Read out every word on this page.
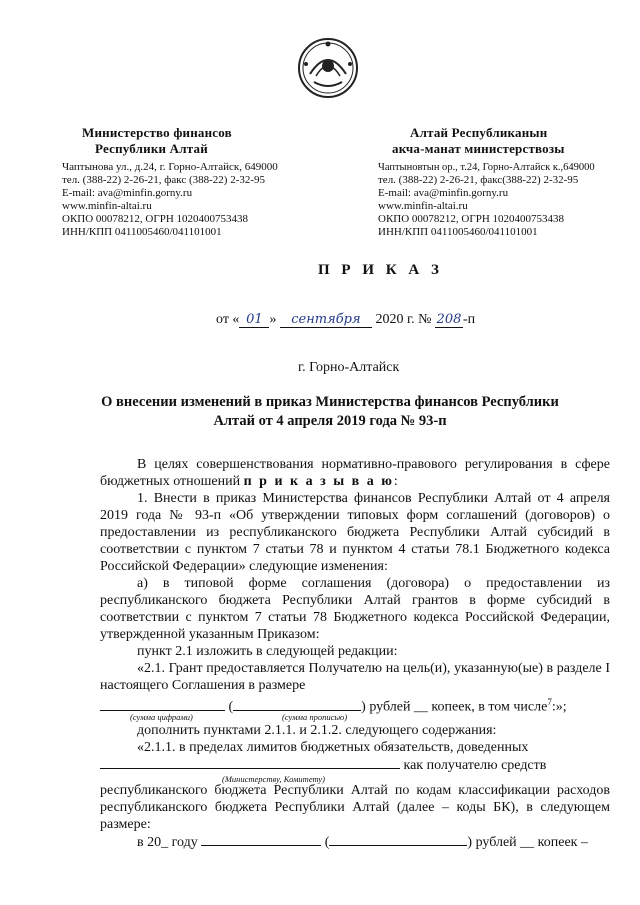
Министерство финансов
Республики Алтай
Чаптынова ул., д.24, г. Горно-Алтайск, 649000
тел. (388-22) 2-26-21, факс (388-22) 2-32-95
E-mail: ava@minfin.gorny.ru
www.minfin-altai.ru
ОКПО 00078212, ОГРН 1020400753438
ИНН/КПП 0411005460/041101001
Алтай Республиканын
акча-манат министерствозы
Чаптыновтын ор., т.24, Горно-Алтайск к.,649000
тел. (388-22) 2-26-21, факс(388-22) 2-32-95
E-mail: ava@minfin.gorny.ru
www.minfin-altai.ru
ОКПО 00078212, ОГРН 1020400753438
ИНН/КПП 0411005460/041101001
П Р И К А З
от « 01 » сентября 2020 г. № 208 -п
г. Горно-Алтайск
О внесении изменений в приказ Министерства финансов Республики
Алтай от 4 апреля 2019 года № 93-п

В целях совершенствования нормативно-правового регулирования в сфере бюджетных отношений п р и к а з ы в а ю:

1. Внести в приказ Министерства финансов Республики Алтай от 4 апреля 2019 года № 93-п «Об утверждении типовых форм соглашений (договоров) о предоставлении из республиканского бюджета Республики Алтай субсидий в соответствии с пунктом 7 статьи 78 и пунктом 4 статьи 78.1 Бюджетного кодекса Российской Федерации» следующие изменения:

а) в типовой форме соглашения (договора) о предоставлении из республиканского бюджета Республики Алтай грантов в форме субсидий в соответствии с пунктом 7 статьи 78 Бюджетного кодекса Российской Федерации, утвержденной указанным Приказом:

пункт 2.1 изложить в следующей редакции:

«2.1. Грант предоставляется Получателю на цель(и), указанную(ые) в разделе I настоящего Соглашения в размере

(	) рублей __ копеек, в том числе$^7$:»;
(сумма цифрами)	(сумма прописью)

дополнить пунктами 2.1.1. и 2.1.2. следующего содержания:

«2.1.1. в пределах лимитов бюджетных обязательств, доведенных

как получателю средств
(Министерству, Комитету)

республиканского бюджета Республики Алтай по кодам классификации расходов республиканского бюджета Республики Алтай (далее – коды БК), в следующем размере:

в 20_ году	(	) рублей __ копеек –
